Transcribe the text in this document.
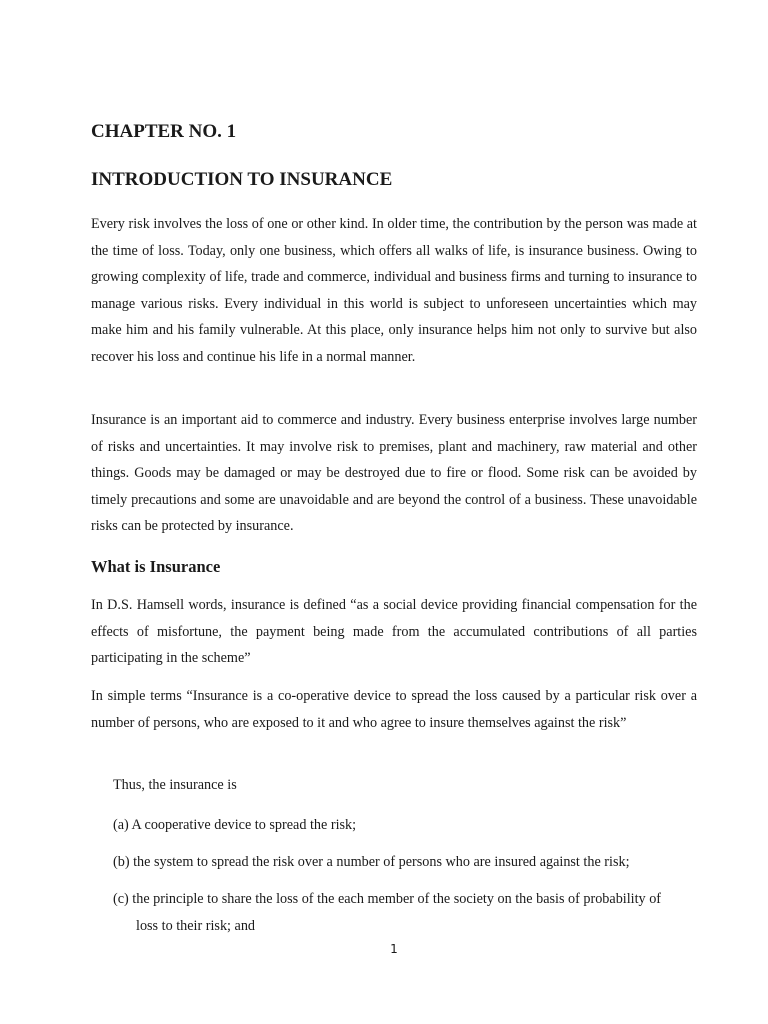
CHAPTER NO. 1
INTRODUCTION TO INSURANCE

Every risk involves the loss of one or other kind. In older time, the contribution by the person was made at the time of loss. Today, only one business, which offers all walks of life, is insurance business. Owing to growing complexity of life, trade and commerce, individual and business firms and turning to insurance to manage various risks. Every individual in this world is subject to unforeseen uncertainties which may make him and his family vulnerable. At this place, only insurance helps him not only to survive but also recover his loss and continue his life in a normal manner.

Insurance is an important aid to commerce and industry. Every business enterprise involves large number of risks and uncertainties. It may involve risk to premises, plant and machinery, raw material and other things. Goods may be damaged or may be destroyed due to fire or flood. Some risk can be avoided by timely precautions and some are unavoidable and are beyond the control of a business. These unavoidable risks can be protected by insurance.

What is Insurance

In D.S. Hamsell words, insurance is defined “as a social device providing financial compensation for the effects of misfortune, the payment being made from the accumulated contributions of all parties participating in the scheme”

In simple terms “Insurance is a co-operative device to spread the loss caused by a particular risk over a number of persons, who are exposed to it and who agree to insure themselves against the risk”

Thus, the insurance is

(a) A cooperative device to spread the risk;

(b) the system to spread the risk over a number of persons who are insured against the risk;

(c) the principle to share the loss of the each member of the society on the basis of probability of
loss to their risk; and

1
